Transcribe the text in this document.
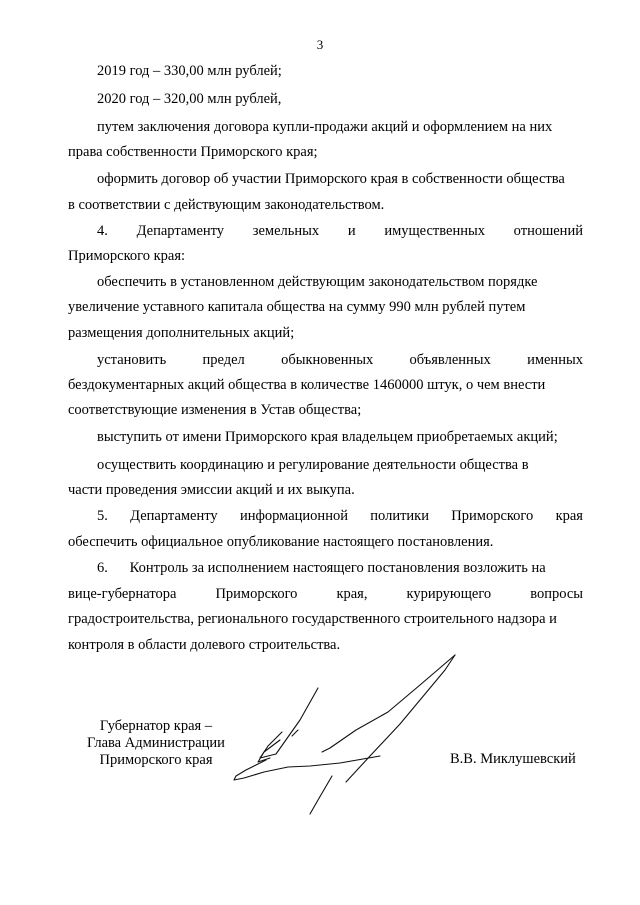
3
2019 год – 330,00 млн рублей;
2020 год – 320,00 млн рублей,
путем заключения договора купли-продажи акций и оформлением на них
права собственности Приморского края;
оформить договор об участии Приморского края в собственности общества
в соответствии с действующим законодательством.
4. Департаменту земельных и имущественных отношений
Приморского края:
обеспечить в установленном действующим законодательством порядке
увеличение уставного капитала общества на сумму 990 млн рублей путем
размещения дополнительных акций;
установить	предел	обыкновенных	объявленных	именных
бездокументарных акций общества в количестве 1460000 штук, о чем внести
соответствующие изменения в Устав общества;
выступить от имени Приморского края владельцем приобретаемых акций;
осуществить координацию и регулирование деятельности общества в
части проведения эмиссии акций и их выкупа.
5. Департаменту информационной политики Приморского края
обеспечить официальное опубликование настоящего постановления.
6.      Контроль за исполнением настоящего постановления возложить на
вице-губернатора	Приморского	края,	курирующего	вопросы
градостроительства, регионального государственного строительного надзора и
контроля в области долевого строительства.
Губернатор края –
Глава Администрации
Приморского края	В.В. Миклушевский
